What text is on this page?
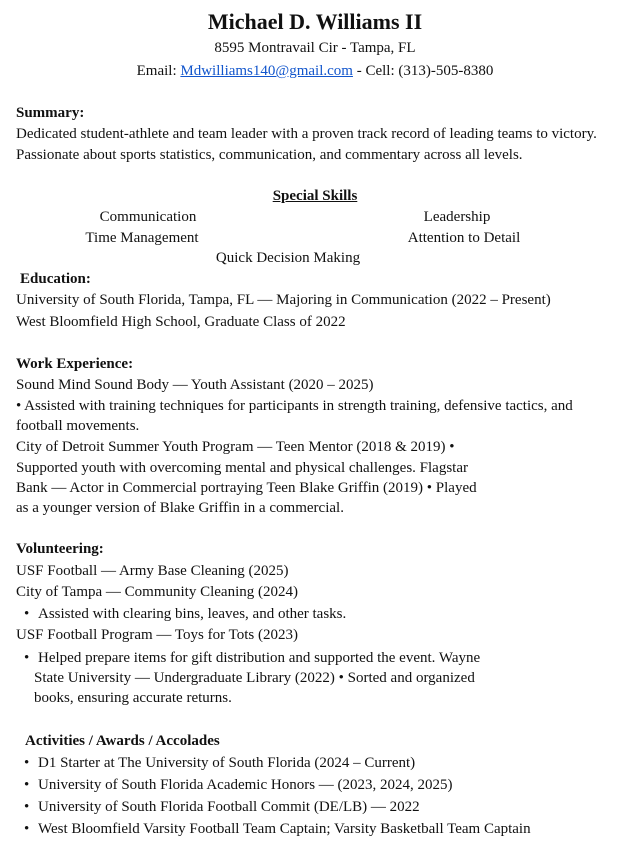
Michael D. Williams II
8595 Montravail Cir - Tampa, FL
Email: Mdwilliams140@gmail.com - Cell: (313)-505-8380
Summary:
Dedicated student-athlete and team leader with a proven track record of leading teams to victory.
Passionate about sports statistics, communication, and commentary across all levels.
Special Skills
Communication	Leadership
Time Management	Attention to Detail
Quick Decision Making
Education:
University of South Florida, Tampa, FL — Majoring in Communication (2022 – Present)
West Bloomfield High School, Graduate Class of 2022
Work Experience:
Sound Mind Sound Body — Youth Assistant (2020 – 2025)
• Assisted with training techniques for participants in strength training, defensive tactics, and
football movements.
City of Detroit Summer Youth Program — Teen Mentor (2018 & 2019) •
Supported youth with overcoming mental and physical challenges. Flagstar
Bank — Actor in Commercial portraying Teen Blake Griffin (2019) • Played
as a younger version of Blake Griffin in a commercial.
Volunteering:
USF Football — Army Base Cleaning (2025)
City of Tampa — Community Cleaning (2024)
• Assisted with clearing bins, leaves, and other tasks.
USF Football Program — Toys for Tots (2023)
• Helped prepare items for gift distribution and supported the event. Wayne
State University — Undergraduate Library (2022) • Sorted and organized
books, ensuring accurate returns.
Activities / Awards / Accolades
• D1 Starter at The University of South Florida (2024 – Current)
• University of South Florida Academic Honors — (2023, 2024, 2025)
• University of South Florida Football Commit (DE/LB) — 2022
• West Bloomfield Varsity Football Team Captain; Varsity Basketball Team Captain
